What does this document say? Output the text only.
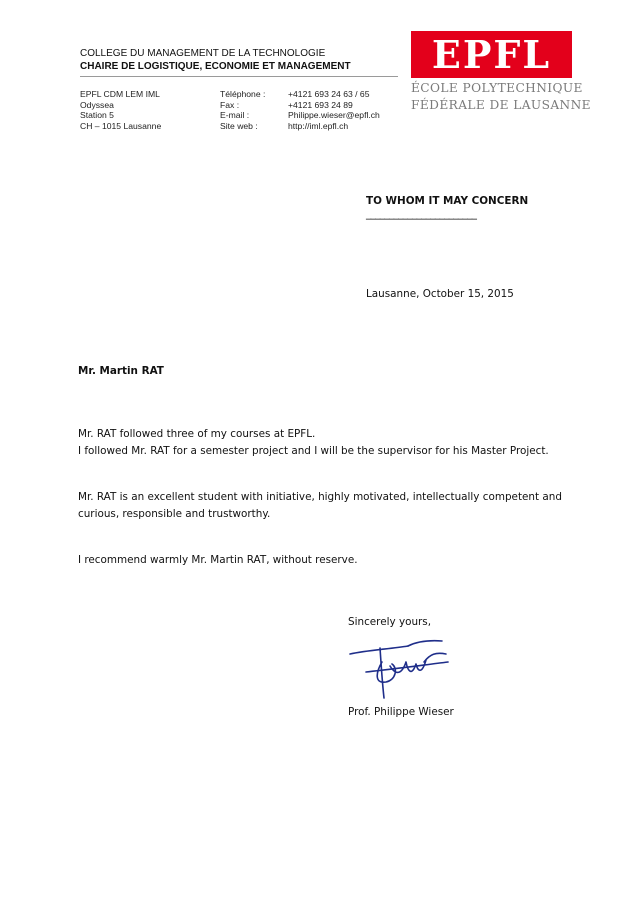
COLLEGE DU MANAGEMENT DE LA TECHNOLOGIE
CHAIRE DE LOGISTIQUE, ECONOMIE ET MANAGEMENT
EPFL CDM LEM IML
Odyssea
Station 5
CH – 1015 Lausanne
Téléphone :
Fax :
E-mail :
Site web :
+4121 693 24 63 / 65
+4121 693 24 89
Philippe.wieser@epfl.ch
http://iml.epfl.ch
EPFL
ÉCOLE POLYTECHNIQUE
FÉDÉRALE DE LAUSANNE
TO WHOM IT MAY CONCERN
________________________
Lausanne, October 15, 2015
Mr. Martin RAT
Mr. RAT followed three of my courses at EPFL.
I followed Mr. RAT for a semester project and I will be the supervisor for his Master Project.
Mr. RAT is an excellent student with initiative, highly motivated, intellectually competent and
curious, responsible and trustworthy.
I recommend warmly Mr. Martin RAT, without reserve.
Sincerely yours,
Prof. Philippe Wieser
